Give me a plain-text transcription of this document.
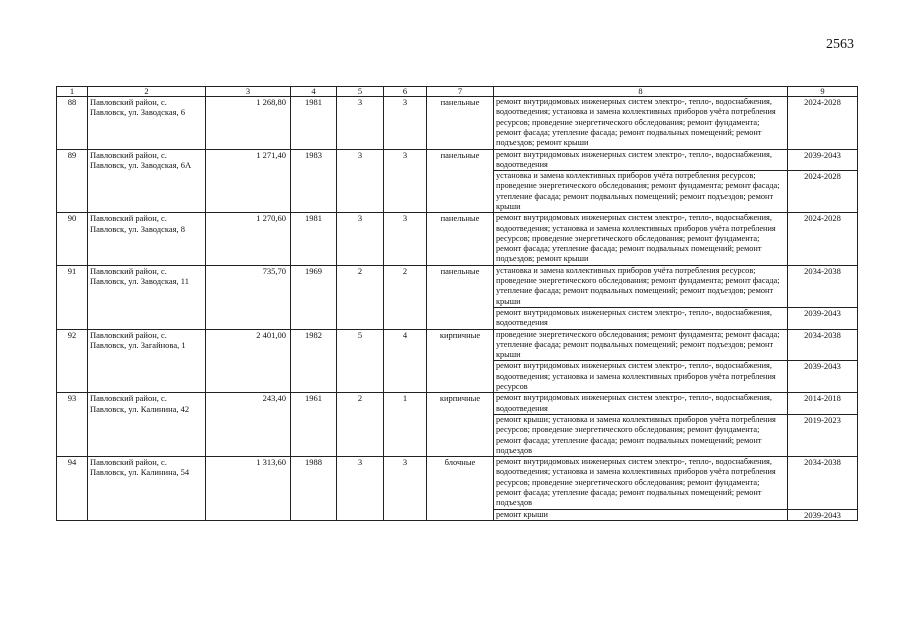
2563
1	2	3	4	5	6	7	8	9
88	Павловский район, с. Павловск, ул. Заводская, 6	1 268,80	1981	3	3	панельные	ремонт внутридомовых инженерных систем электро-, тепло-, водоснабжения, водоотведения; установка и замена коллективных приборов учёта потребления ресурсов; проведение энергетического обследования; ремонт фундамента; ремонт фасада; утепление фасада; ремонт подвальных помещений; ремонт подъездов; ремонт крыши	2024-2028
89	Павловский район, с. Павловск, ул. Заводская, 6А	1 271,40	1983	3	3	панельные	ремонт внутридомовых инженерных систем электро-, тепло-, водоснабжения, водоотведения	2039-2043
							установка и замена коллективных приборов учёта потребления ресурсов; проведение энергетического обследования; ремонт фундамента; ремонт фасада; утепление фасада; ремонт подвальных помещений; ремонт подъездов; ремонт крыши	2024-2028
90	Павловский район, с. Павловск, ул. Заводская, 8	1 270,60	1981	3	3	панельные	ремонт внутридомовых инженерных систем электро-, тепло-, водоснабжения, водоотведения; установка и замена коллективных приборов учёта потребления ресурсов; проведение энергетического обследования; ремонт фундамента; ремонт фасада; утепление фасада; ремонт подвальных помещений; ремонт подъездов; ремонт крыши	2024-2028
91	Павловский район, с. Павловск, ул. Заводская, 11	735,70	1969	2	2	панельные	установка и замена коллективных приборов учёта потребления ресурсов; проведение энергетического обследования; ремонт фундамента; ремонт фасада; утепление фасада; ремонт подвальных помещений; ремонт подъездов; ремонт крыши	2034-2038
							ремонт внутридомовых инженерных систем электро-, тепло-, водоснабжения, водоотведения	2039-2043
92	Павловский район, с. Павловск, ул. Загайнова, 1	2 401,00	1982	5	4	кирпичные	проведение энергетического обследования; ремонт фундамента; ремонт фасада; утепление фасада; ремонт подвальных помещений; ремонт подъездов; ремонт крыши	2034-2038
							ремонт внутридомовых инженерных систем электро-, тепло-, водоснабжения, водоотведения; установка и замена коллективных приборов учёта потребления ресурсов	2039-2043
93	Павловский район, с. Павловск, ул. Калинина, 42	243,40	1961	2	1	кирпичные	ремонт внутридомовых инженерных систем электро-, тепло-, водоснабжения, водоотведения	2014-2018
							ремонт крыши; установка и замена коллективных приборов учёта потребления ресурсов; проведение энергетического обследования; ремонт фундамента; ремонт фасада; утепление фасада; ремонт подвальных помещений; ремонт подъездов	2019-2023
94	Павловский район, с. Павловск, ул. Калинина, 54	1 313,60	1988	3	3	блочные	ремонт внутридомовых инженерных систем электро-, тепло-, водоснабжения, водоотведения; установка и замена коллективных приборов учёта потребления ресурсов; проведение энергетического обследования; ремонт фундамента; ремонт фасада; утепление фасада; ремонт подвальных помещений; ремонт подъездов	2034-2038
							ремонт крыши	2039-2043
